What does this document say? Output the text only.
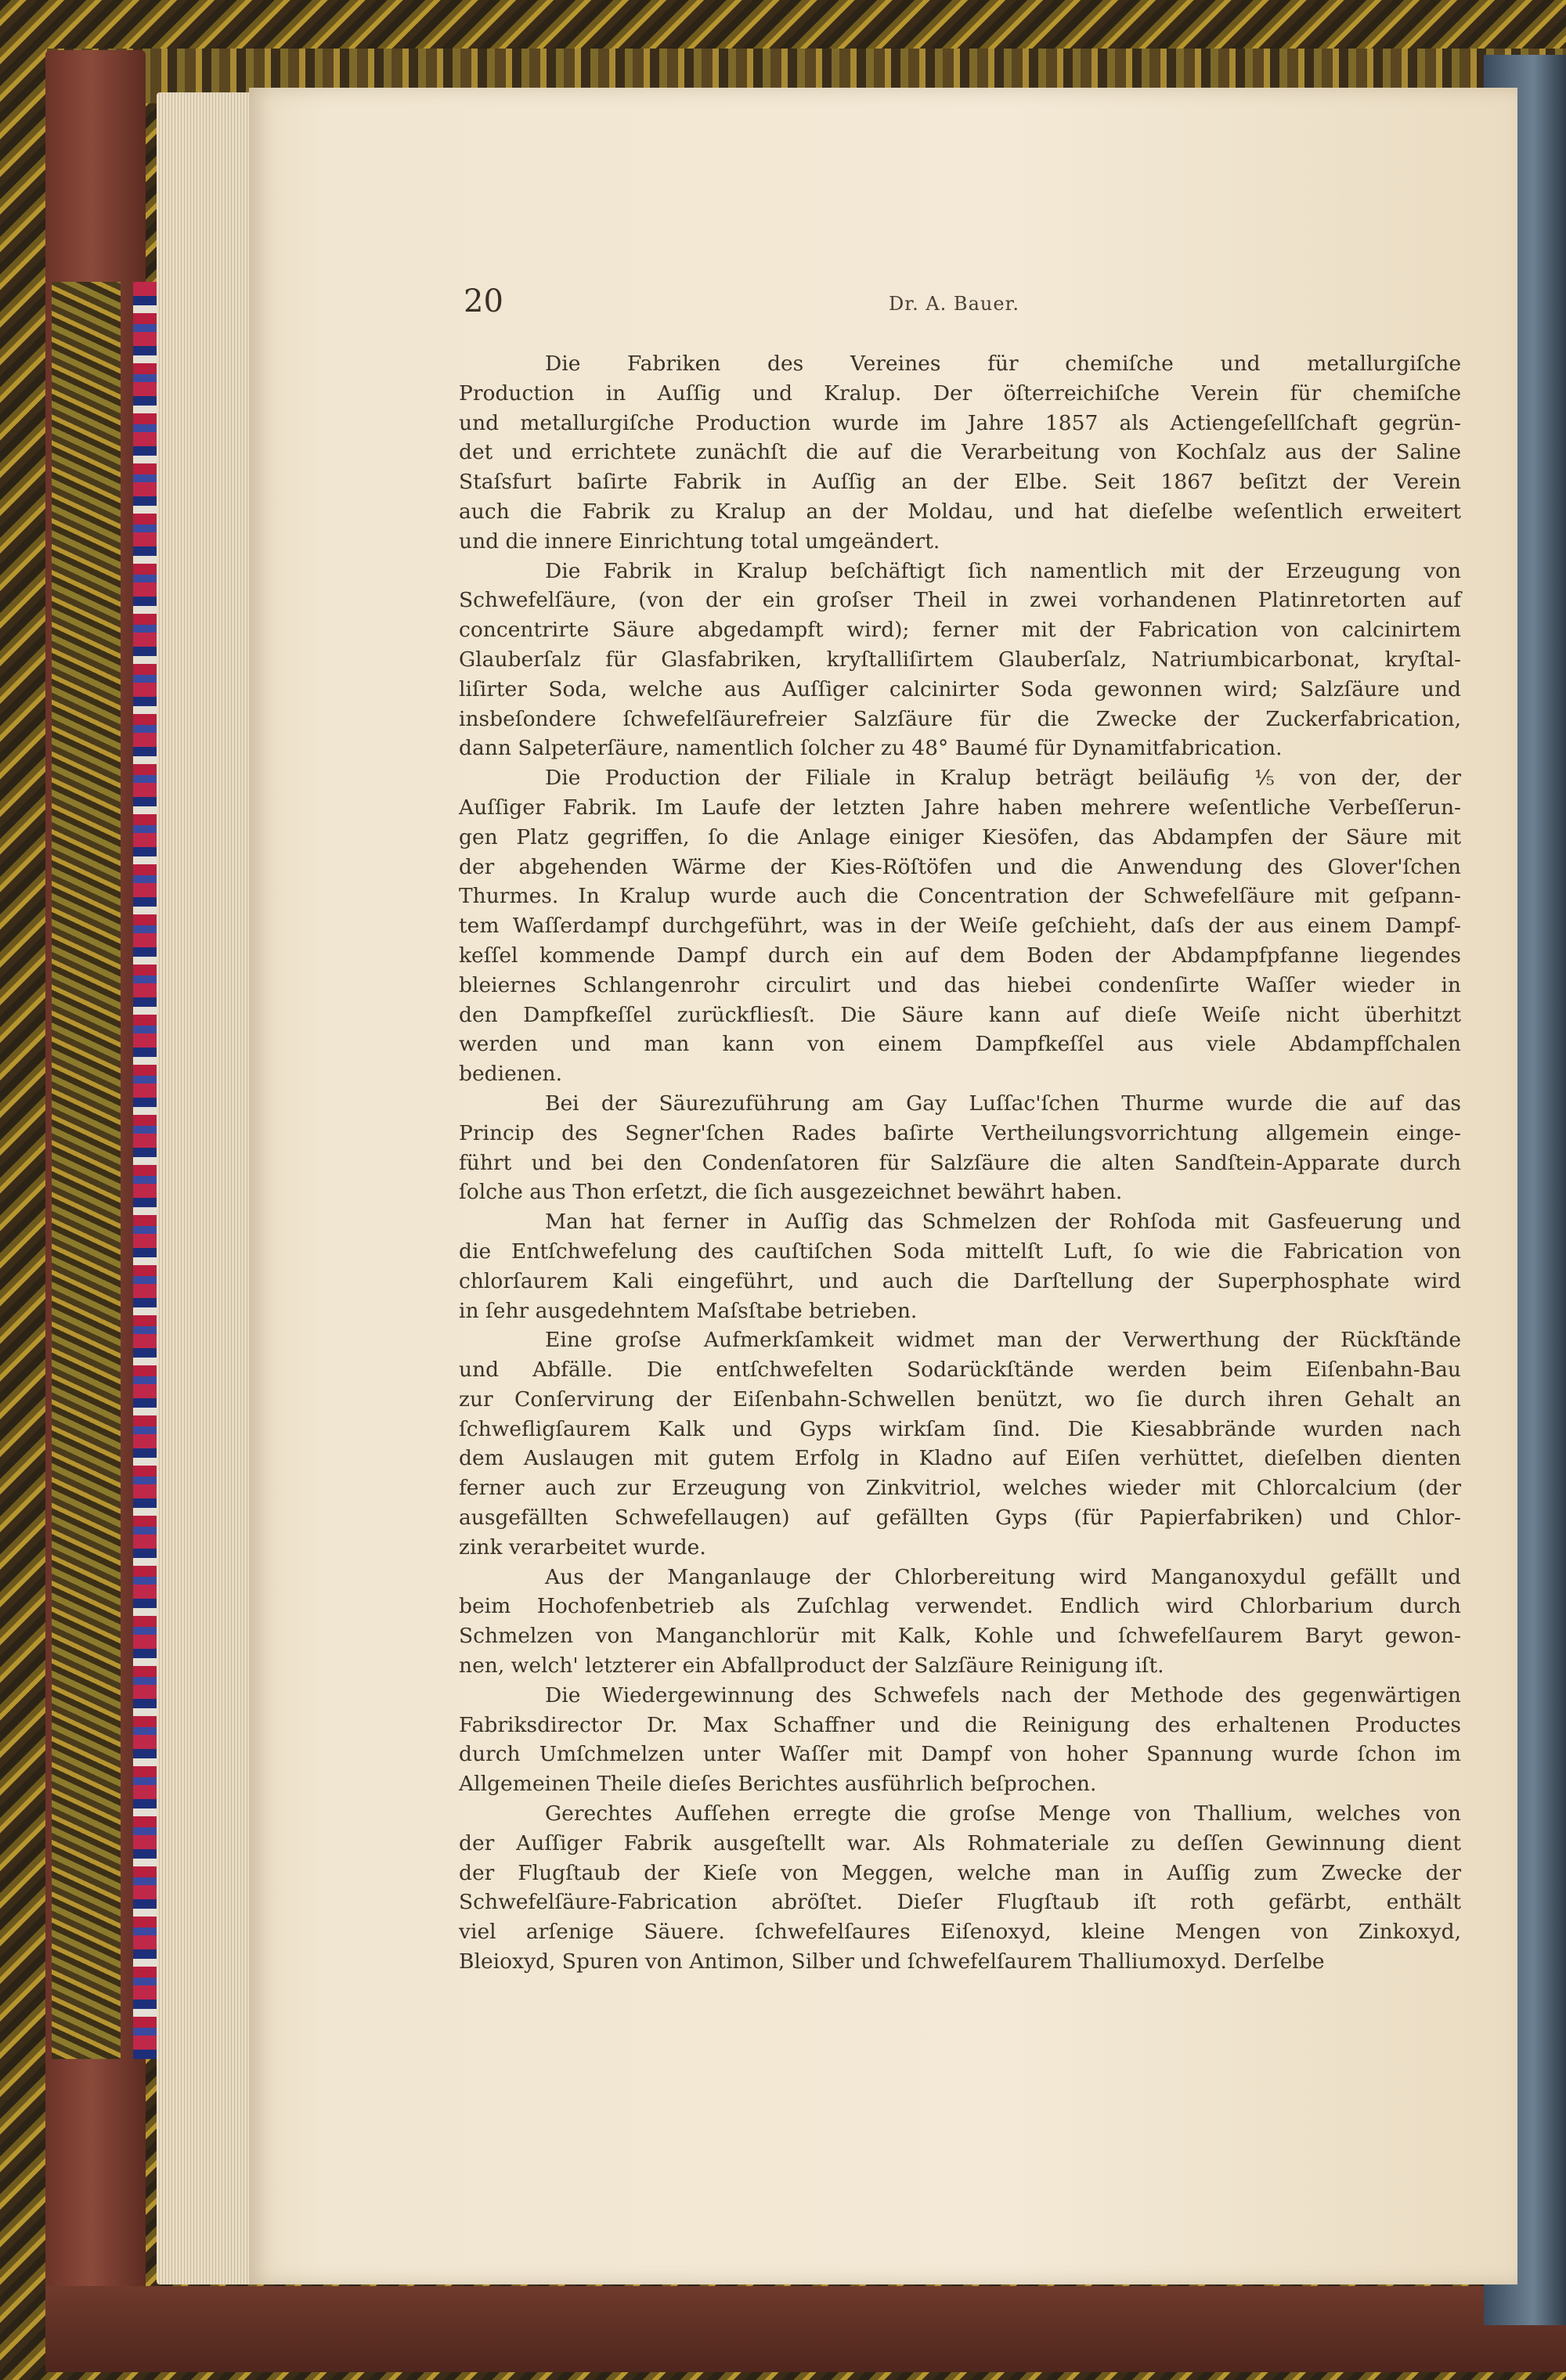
20	Dr. A. Bauer.
Die Fabriken des Vereines für chemiſche und metallurgiſche
Production in Auſſig und Kralup. Der öſterreichiſche Verein für chemiſche
und metallurgiſche Production wurde im Jahre 1857 als Actiengeſellſchaft gegrün-
det und errichtete zunächſt die auf die Verarbeitung von Kochſalz aus der Saline
Staſsfurt baſirte Fabrik in Auſſig an der Elbe. Seit 1867 beſitzt der Verein
auch die Fabrik zu Kralup an der Moldau, und hat dieſelbe weſentlich erweitert
und die innere Einrichtung total umgeändert.
Die Fabrik in Kralup beſchäftigt ſich namentlich mit der Erzeugung von
Schwefelſäure, (von der ein groſser Theil in zwei vorhandenen Platinretorten auf
concentrirte Säure abgedampft wird); ferner mit der Fabrication von calcinirtem
Glauberſalz für Glasfabriken, kryſtalliſirtem Glauberſalz, Natriumbicarbonat, kryſtal-
liſirter Soda, welche aus Auſſiger calcinirter Soda gewonnen wird; Salzſäure und
insbeſondere ſchwefelſäurefreier Salzſäure für die Zwecke der Zuckerfabrication,
dann Salpeterſäure, namentlich ſolcher zu 48° Baumé für Dynamitfabrication.
Die Production der Filiale in Kralup beträgt beiläufig ⅕ von der, der
Auſſiger Fabrik. Im Laufe der letzten Jahre haben mehrere weſentliche Verbeſſerun-
gen Platz gegriffen, ſo die Anlage einiger Kiesöfen, das Abdampfen der Säure mit
der abgehenden Wärme der Kies-Röſtöfen und die Anwendung des Glover'ſchen
Thurmes. In Kralup wurde auch die Concentration der Schwefelſäure mit geſpann-
tem Waſſerdampf durchgeführt, was in der Weiſe geſchieht, daſs der aus einem Dampf-
keſſel kommende Dampf durch ein auf dem Boden der Abdampfpfanne liegendes
bleiernes Schlangenrohr circulirt und das hiebei condenſirte Waſſer wieder in
den Dampfkeſſel zurückfliesſt. Die Säure kann auf dieſe Weiſe nicht überhitzt
werden und man kann von einem Dampfkeſſel aus viele Abdampfſchalen
bedienen.
Bei der Säurezuführung am Gay Luſſac'ſchen Thurme wurde die auf das
Princip des Segner'ſchen Rades baſirte Vertheilungsvorrichtung allgemein einge-
führt und bei den Condenſatoren für Salzſäure die alten Sandſtein-Apparate durch
ſolche aus Thon erſetzt, die ſich ausgezeichnet bewährt haben.
Man hat ferner in Auſſig das Schmelzen der Rohſoda mit Gasfeuerung und
die Entſchwefelung des cauſtiſchen Soda mittelſt Luft, ſo wie die Fabrication von
chlorſaurem Kali eingeführt, und auch die Darſtellung der Superphosphate wird
in ſehr ausgedehntem Maſsſtabe betrieben.
Eine groſse Aufmerkſamkeit widmet man der Verwerthung der Rückſtände
und Abfälle. Die entſchwefelten Sodarückſtände werden beim Eiſenbahn-Bau
zur Conſervirung der Eiſenbahn-Schwellen benützt, wo ſie durch ihren Gehalt an
ſchwefligſaurem Kalk und Gyps wirkſam ſind. Die Kiesabbrände wurden nach
dem Auslaugen mit gutem Erfolg in Kladno auf Eiſen verhüttet, dieſelben dienten
ferner auch zur Erzeugung von Zinkvitriol, welches wieder mit Chlorcalcium (der
ausgefällten Schwefellaugen) auf gefällten Gyps (für Papierfabriken) und Chlor-
zink verarbeitet wurde.
Aus der Manganlauge der Chlorbereitung wird Manganoxydul gefällt und
beim Hochofenbetrieb als Zuſchlag verwendet. Endlich wird Chlorbarium durch
Schmelzen von Manganchlorür mit Kalk, Kohle und ſchwefelſaurem Baryt gewon-
nen, welch' letzterer ein Abfallproduct der Salzſäure Reinigung iſt.
Die Wiedergewinnung des Schwefels nach der Methode des gegenwärtigen
Fabriksdirector Dr. Max Schaffner und die Reinigung des erhaltenen Productes
durch Umſchmelzen unter Waſſer mit Dampf von hoher Spannung wurde ſchon im
Allgemeinen Theile dieſes Berichtes ausführlich beſprochen.
Gerechtes Aufſehen erregte die groſse Menge von Thallium, welches von
der Auſſiger Fabrik ausgeſtellt war. Als Rohmateriale zu deſſen Gewinnung dient
der Flugſtaub der Kieſe von Meggen, welche man in Auſſig zum Zwecke der
Schwefelſäure-Fabrication abröſtet. Dieſer Flugſtaub iſt roth gefärbt, enthält
viel arſenige Säuere. ſchwefelſaures Eiſenoxyd, kleine Mengen von Zinkoxyd,
Bleioxyd, Spuren von Antimon, Silber und ſchwefelſaurem Thalliumoxyd. Derſelbe
